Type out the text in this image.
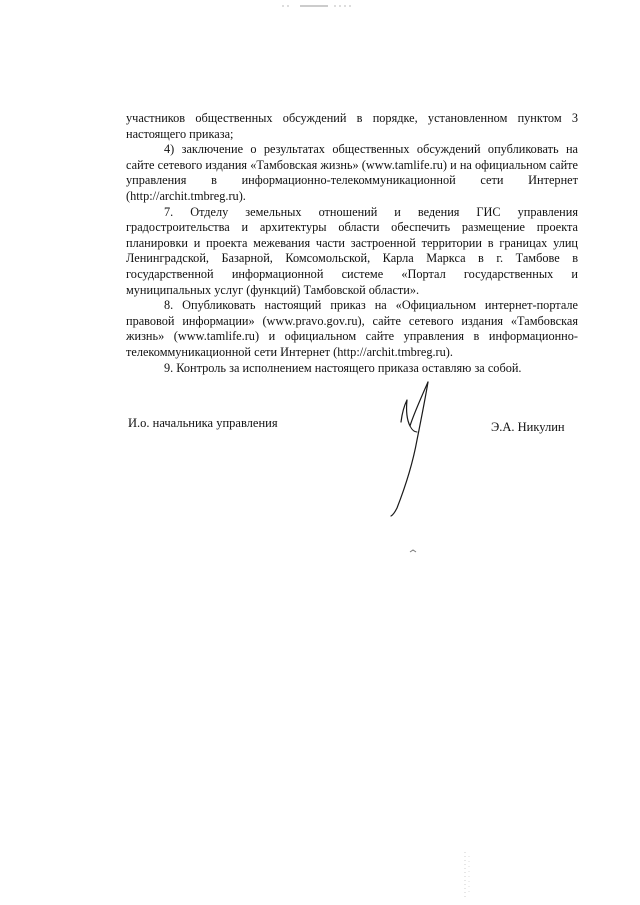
участников общественных обсуждений в порядке, установленном пунктом 3 настоящего приказа;

4) заключение о результатах общественных обсуждений опубликовать на сайте сетевого издания «Тамбовская жизнь» (www.tamlife.ru) и на официальном сайте управления в информационно-телекоммуникационной сети Интернет (http://archit.tmbreg.ru).

7. Отделу земельных отношений и ведения ГИС управления градостроительства и архитектуры области обеспечить размещение проекта планировки и проекта межевания части застроенной территории в границах улиц Ленинградской, Базарной, Комсомольской, Карла Маркса в г. Тамбове в государственной информационной системе «Портал государственных и муниципальных услуг (функций) Тамбовской области».

8. Опубликовать настоящий приказ на «Официальном интернет-портале правовой информации» (www.pravo.gov.ru), сайте сетевого издания «Тамбовская жизнь» (www.tamlife.ru) и официальном сайте управления в информационно-телекоммуникационной сети Интернет (http://archit.tmbreg.ru).

9. Контроль за исполнением настоящего приказа оставляю за собой.

И.о. начальника управления	Э.А. Никулин
